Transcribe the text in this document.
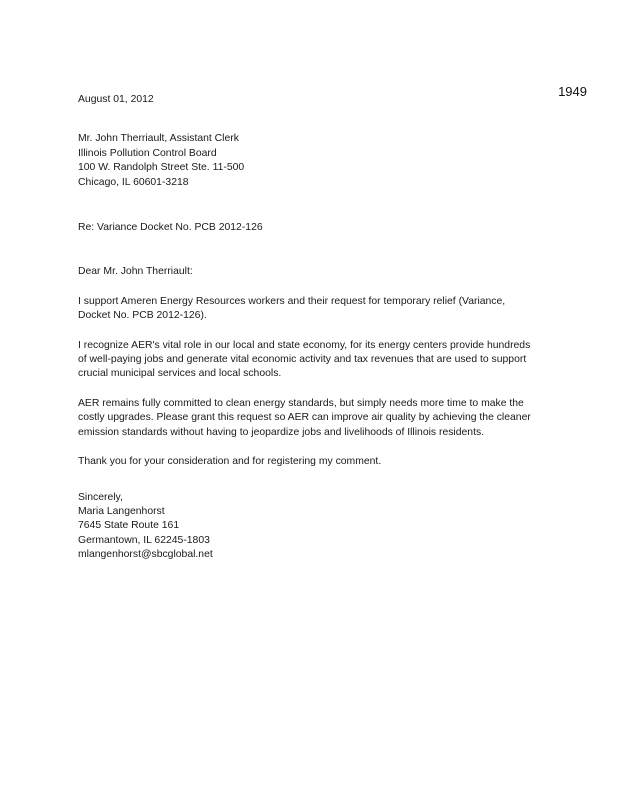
1949
August 01, 2012
Mr. John Therriault, Assistant Clerk
Illinois Pollution Control Board
100 W. Randolph Street Ste. 11-500
Chicago, IL 60601-3218
Re: Variance Docket No. PCB 2012-126
Dear Mr. John Therriault:

I support Ameren Energy Resources workers and their request for temporary relief (Variance, Docket No. PCB 2012-126).

I recognize AER's vital role in our local and state economy, for its energy centers provide hundreds of well-paying jobs and generate vital economic activity and tax revenues that are used to support crucial municipal services and local schools.

AER remains fully committed to clean energy standards, but simply needs more time to make the costly upgrades. Please grant this request so AER can improve air quality by achieving the cleaner emission standards without having to jeopardize jobs and livelihoods of Illinois residents.

Thank you for your consideration and for registering my comment.

Sincerely,
Maria Langenhorst
7645 State Route 161
Germantown, IL 62245-1803
mlangenhorst@sbcglobal.net
